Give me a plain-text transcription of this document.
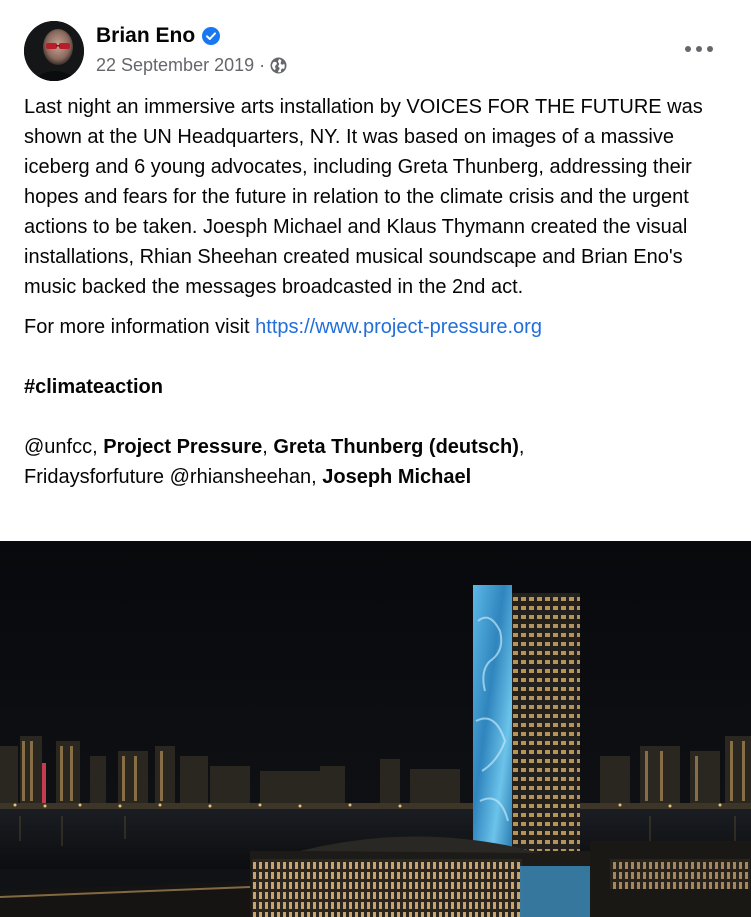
Brian Eno
22 September 2019 ·

Last night an immersive arts installation by VOICES FOR THE FUTURE was shown at the UN Headquarters, NY. It was based on images of a massive iceberg and 6 young advocates, including Greta Thunberg, addressing their hopes and fears for the future in relation to the climate crisis and the urgent actions to be taken. Joesph Michael and Klaus Thymann created the visual installations, Rhian Sheehan created musical soundscape and Brian Eno's music backed the messages broadcasted in the 2nd act.

For more information visit https://www.project-pressure.org

#climateaction

@unfcc, Project Pressure, Greta Thunberg (deutsch),
Fridaysforfuture @rhiansheehan, Joseph Michael
